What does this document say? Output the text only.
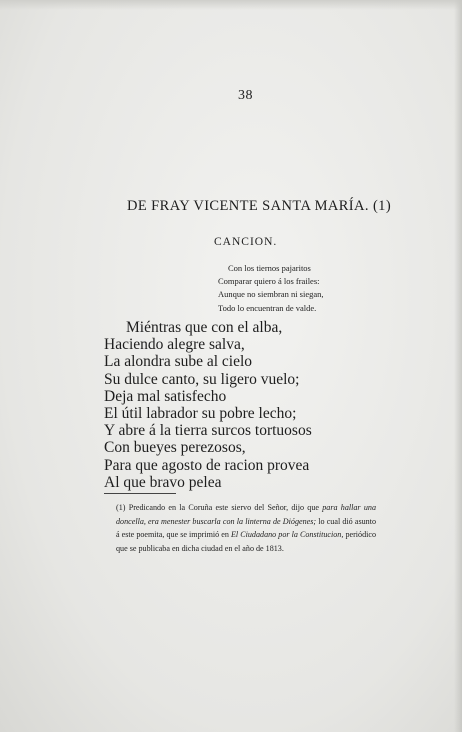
38
DE FRAY VICENTE SANTA MARÍA. (1)
CANCION.
Con los tiernos pajaritos
Comparar quiero á los frailes:
Aunque no siembran ni siegan,
Todo lo encuentran de valde.
Miéntras que con el alba,
Haciendo alegre salva,
La alondra sube al cielo
Su dulce canto, su ligero vuelo;
Deja mal satisfecho
El útil labrador su pobre lecho;
Y abre á la tierra surcos tortuosos
Con bueyes perezosos,
Para que agosto de racion provea
Al que bravo pelea
(1) Predicando en la Coruña este siervo del Señor, dijo que para hallar una doncella, era menester buscarla con la linterna de Diógenes; lo cual dió asunto á este poemita, que se imprimió en El Ciudadano por la Constitucion, periódico que se publicaba en dicha ciudad en el año de 1813.
